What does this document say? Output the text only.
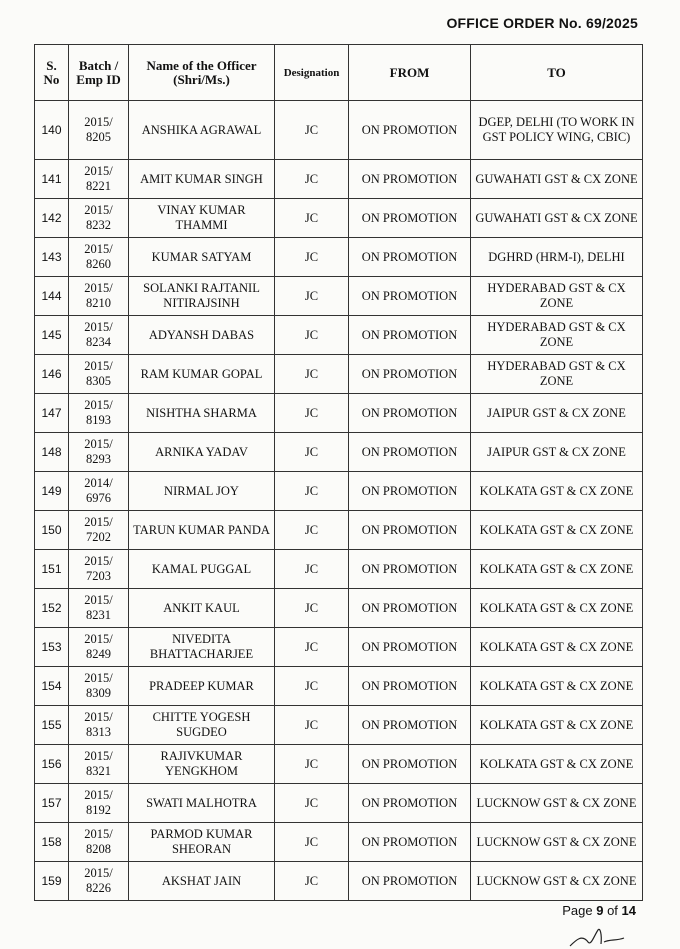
OFFICE ORDER No. 69/2025
S. No	Batch / Emp ID	Name of the Officer (Shri/Ms.)	Designation	FROM	TO
140	2015/ 8205	ANSHIKA AGRAWAL	JC	ON PROMOTION	DGEP, DELHI (TO WORK IN GST POLICY WING, CBIC)
141	2015/ 8221	AMIT KUMAR SINGH	JC	ON PROMOTION	GUWAHATI GST & CX ZONE
142	2015/ 8232	VINAY KUMAR THAMMI	JC	ON PROMOTION	GUWAHATI GST & CX ZONE
143	2015/ 8260	KUMAR SATYAM	JC	ON PROMOTION	DGHRD (HRM-I), DELHI
144	2015/ 8210	SOLANKI RAJTANIL NITIRAJSINH	JC	ON PROMOTION	HYDERABAD GST & CX ZONE
145	2015/ 8234	ADYANSH DABAS	JC	ON PROMOTION	HYDERABAD GST & CX ZONE
146	2015/ 8305	RAM KUMAR GOPAL	JC	ON PROMOTION	HYDERABAD GST & CX ZONE
147	2015/ 8193	NISHTHA SHARMA	JC	ON PROMOTION	JAIPUR GST & CX ZONE
148	2015/ 8293	ARNIKA YADAV	JC	ON PROMOTION	JAIPUR GST & CX ZONE
149	2014/ 6976	NIRMAL JOY	JC	ON PROMOTION	KOLKATA GST & CX ZONE
150	2015/ 7202	TARUN KUMAR PANDA	JC	ON PROMOTION	KOLKATA GST & CX ZONE
151	2015/ 7203	KAMAL PUGGAL	JC	ON PROMOTION	KOLKATA GST & CX ZONE
152	2015/ 8231	ANKIT KAUL	JC	ON PROMOTION	KOLKATA GST & CX ZONE
153	2015/ 8249	NIVEDITA BHATTACHARJEE	JC	ON PROMOTION	KOLKATA GST & CX ZONE
154	2015/ 8309	PRADEEP KUMAR	JC	ON PROMOTION	KOLKATA GST & CX ZONE
155	2015/ 8313	CHITTE YOGESH SUGDEO	JC	ON PROMOTION	KOLKATA GST & CX ZONE
156	2015/ 8321	RAJIVKUMAR YENGKHOM	JC	ON PROMOTION	KOLKATA GST & CX ZONE
157	2015/ 8192	SWATI MALHOTRA	JC	ON PROMOTION	LUCKNOW GST & CX ZONE
158	2015/ 8208	PARMOD KUMAR SHEORAN	JC	ON PROMOTION	LUCKNOW GST & CX ZONE
159	2015/ 8226	AKSHAT JAIN	JC	ON PROMOTION	LUCKNOW GST & CX ZONE
Page 9 of 14
